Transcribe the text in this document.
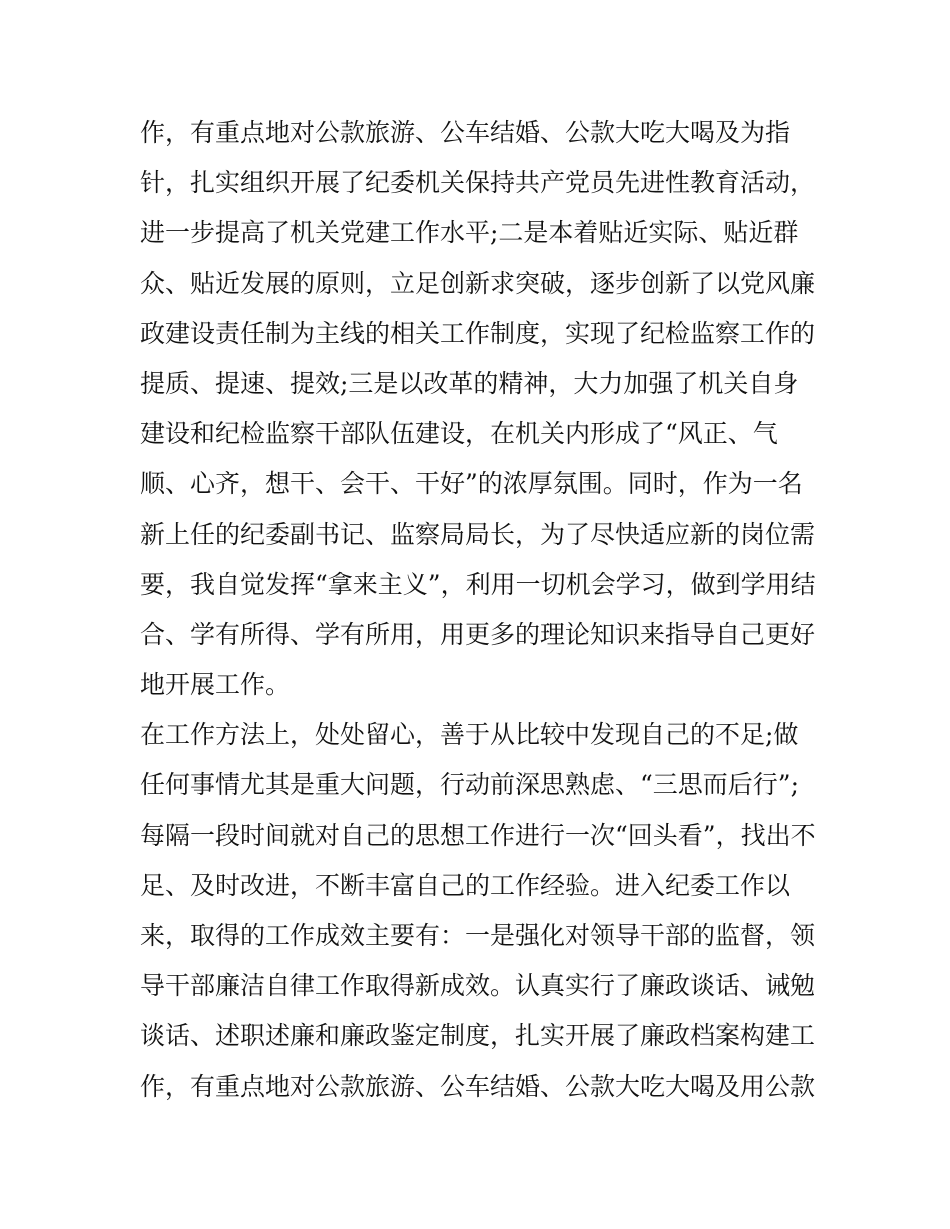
作，有重点地对公款旅游、公车结婚、公款大吃大喝及为指
针，扎实组织开展了纪委机关保持共产党员先进性教育活动，
进一步提高了机关党建工作水平;二是本着贴近实际、贴近群
众、贴近发展的原则，立足创新求突破，逐步创新了以党风廉
政建设责任制为主线的相关工作制度，实现了纪检监察工作的
提质、提速、提效;三是以改革的精神，大力加强了机关自身
建设和纪检监察干部队伍建设，在机关内形成了“风正、气
顺、心齐，想干、会干、干好”的浓厚氛围。同时，作为一名
新上任的纪委副书记、监察局局长，为了尽快适应新的岗位需
要，我自觉发挥“拿来主义”，利用一切机会学习，做到学用结
合、学有所得、学有所用，用更多的理论知识来指导自己更好
地开展工作。
在工作方法上，处处留心，善于从比较中发现自己的不足;做
任何事情尤其是重大问题，行动前深思熟虑、“三思而后行”;
每隔一段时间就对自己的思想工作进行一次“回头看”，找出不
足、及时改进，不断丰富自己的工作经验。进入纪委工作以
来，取得的工作成效主要有：一是强化对领导干部的监督，领
导干部廉洁自律工作取得新成效。认真实行了廉政谈话、诫勉
谈话、述职述廉和廉政鉴定制度，扎实开展了廉政档案构建工
作，有重点地对公款旅游、公车结婚、公款大吃大喝及用公款
